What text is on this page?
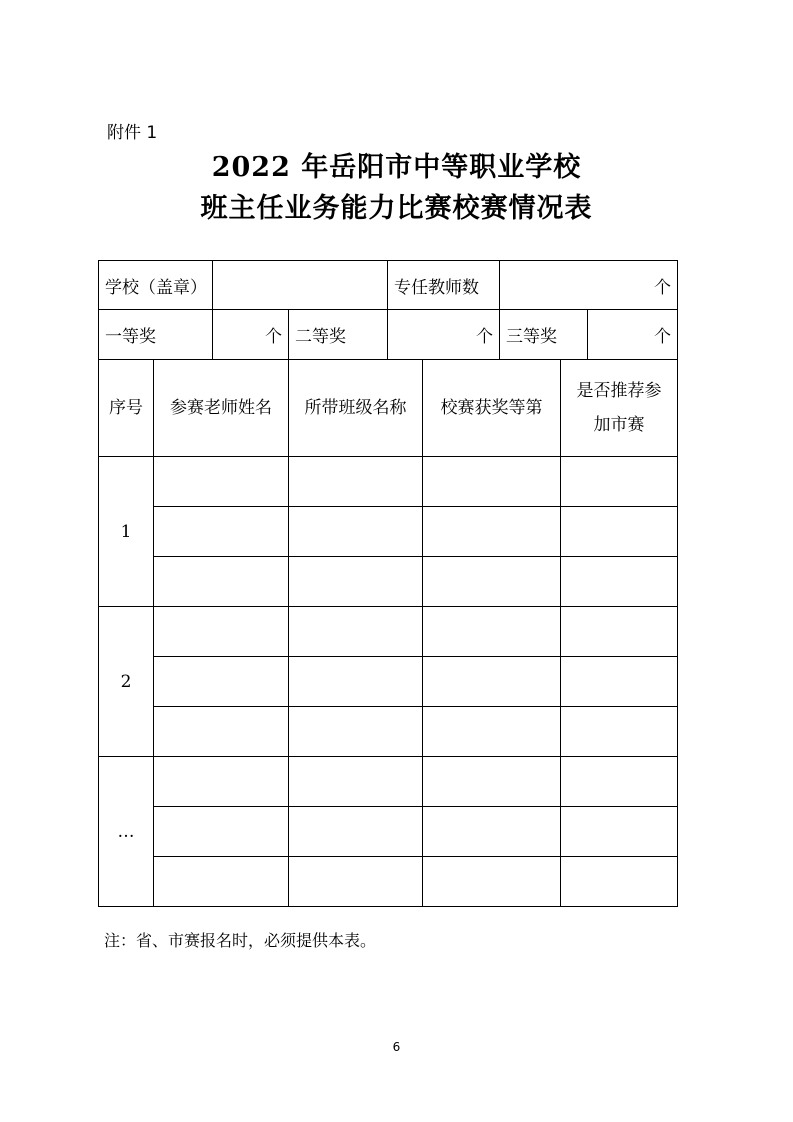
附件 1
2022 年岳阳市中等职业学校
班主任业务能力比赛校赛情况表
学校（盖章）		专任教师数	个
一等奖	个	二等奖	个	三等奖	个
序号	参赛老师姓名	所带班级名称	校赛获奖等第	是否推荐参
加市赛
1				

2				

…				

注：省、市赛报名时，必须提供本表。
6
